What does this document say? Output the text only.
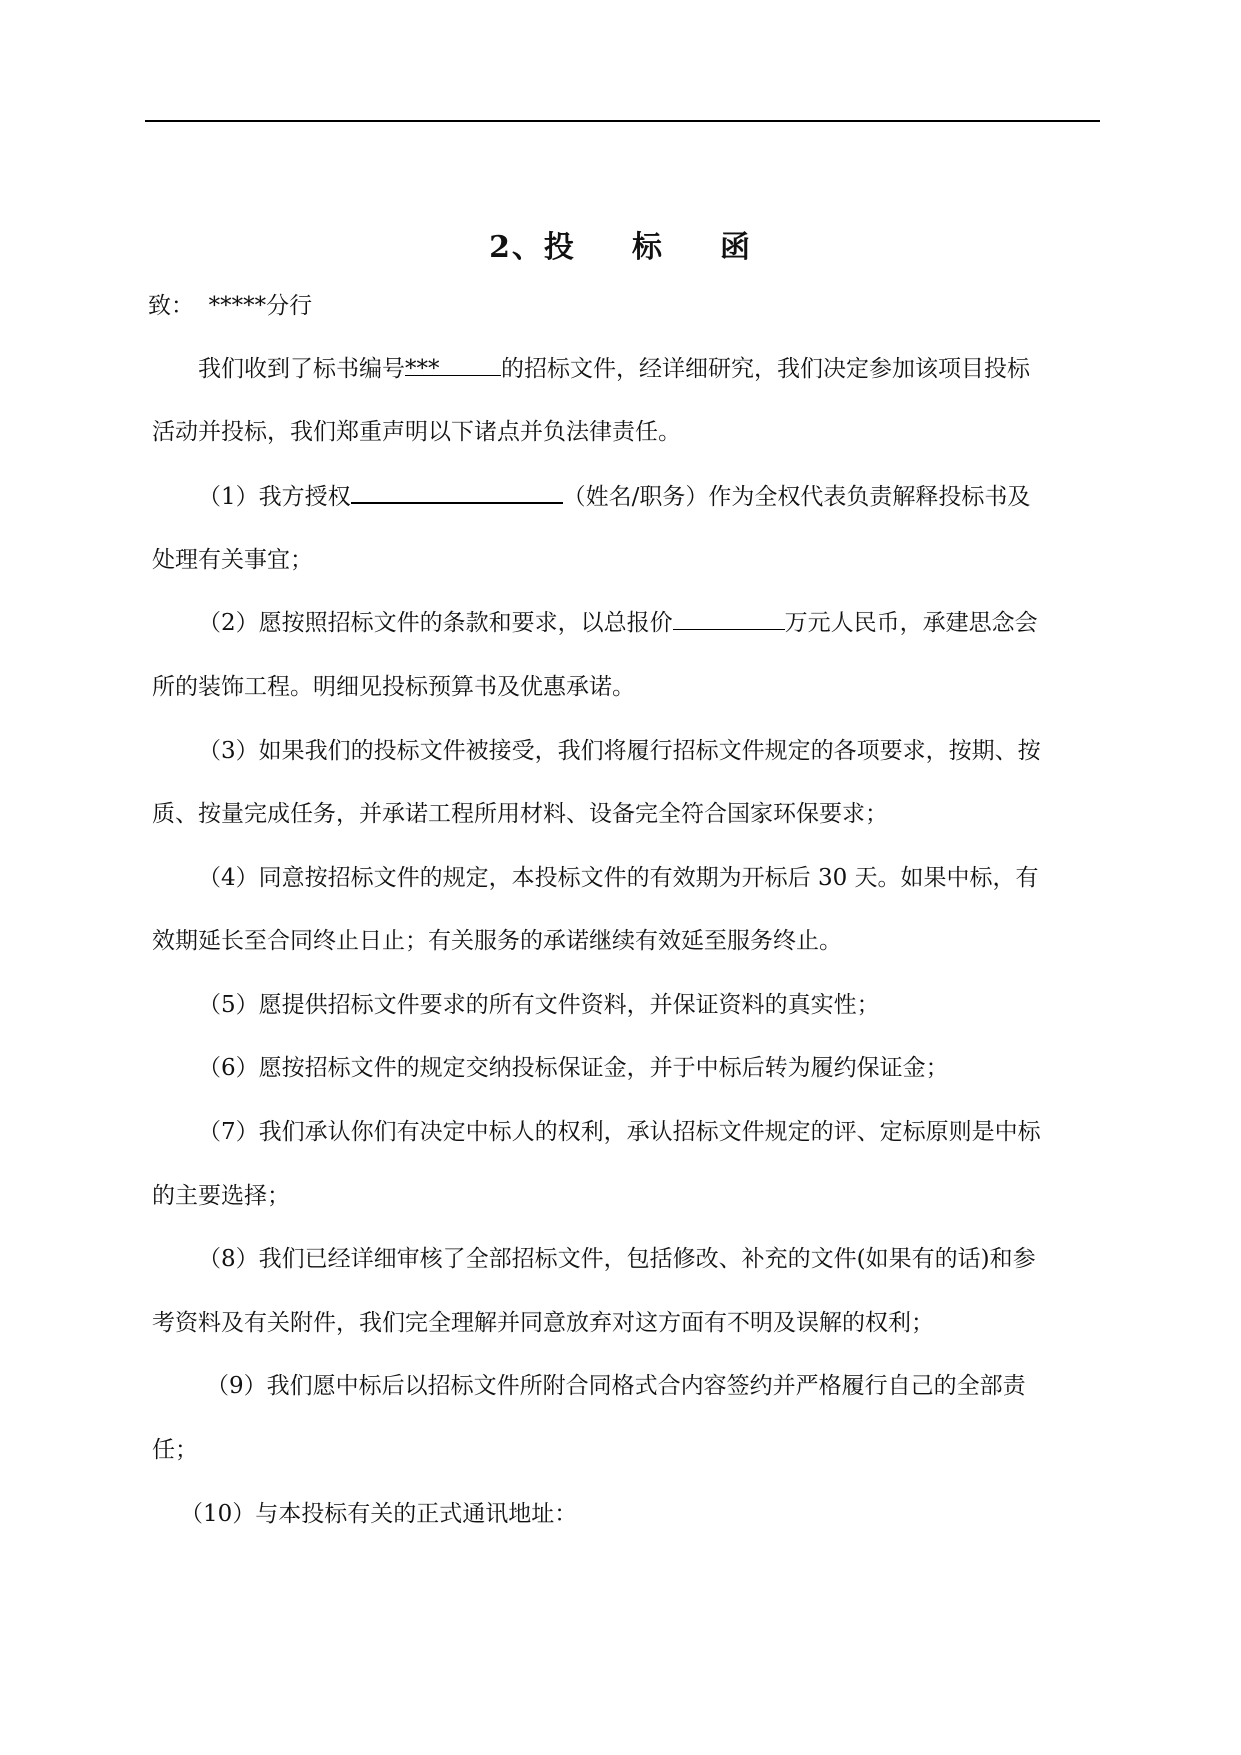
2、投 标 函
致： *****分行
我们收到了标书编号***	的招标文件，经详细研究，我们决定参加该项目投标
活动并投标，我们郑重声明以下诸点并负法律责任。
（1）我方授权	（姓名/职务）作为全权代表负责解释投标书及
处理有关事宜；
（2）愿按照招标文件的条款和要求，以总报价	万元人民币，承建思念会
所的装饰工程。明细见投标预算书及优惠承诺。
（3）如果我们的投标文件被接受，我们将履行招标文件规定的各项要求，按期、按
质、按量完成任务，并承诺工程所用材料、设备完全符合国家环保要求；
（4）同意按招标文件的规定，本投标文件的有效期为开标后 30 天。如果中标，有
效期延长至合同终止日止；有关服务的承诺继续有效延至服务终止。
（5）愿提供招标文件要求的所有文件资料，并保证资料的真实性；
（6）愿按招标文件的规定交纳投标保证金，并于中标后转为履约保证金；
（7）我们承认你们有决定中标人的权利，承认招标文件规定的评、定标原则是中标
的主要选择；
（8）我们已经详细审核了全部招标文件，包括修改、补充的文件(如果有的话)和参
考资料及有关附件，我们完全理解并同意放弃对这方面有不明及误解的权利；
（9）我们愿中标后以招标文件所附合同格式合内容签约并严格履行自己的全部责
任；
（10）与本投标有关的正式通讯地址：
